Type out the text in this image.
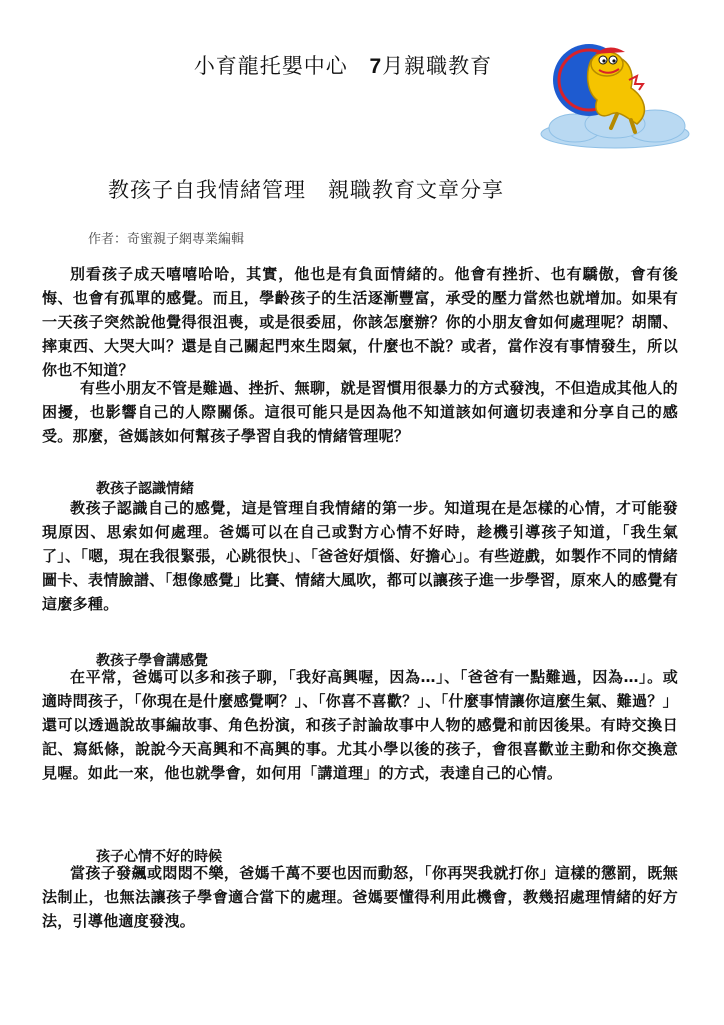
小育龍托嬰中心 7月親職教育
教孩子自我情緒管理　親職教育文章分享
作者：奇蜜親子網專業編輯
別看孩子成天嘻嘻哈哈，其實，他也是有負面情緒的。他會有挫折、也有驕傲，會有後悔、也會有孤單的感覺。而且，學齡孩子的生活逐漸豐富，承受的壓力當然也就增加。如果有一天孩子突然說他覺得很沮喪，或是很委屈，你該怎麼辦？你的小朋友會如何處理呢？胡鬧、摔東西、大哭大叫？還是自己關起門來生悶氣，什麼也不說？或者，當作沒有事情發生，所以你也不知道？
有些小朋友不管是難過、挫折、無聊，就是習慣用很暴力的方式發洩，不但造成其他人的困擾，也影響自己的人際關係。這很可能只是因為他不知道該如何適切表達和分享自己的感受。那麼，爸媽該如何幫孩子學習自我的情緒管理呢？
教孩子認識情緒
教孩子認識自己的感覺，這是管理自我情緒的第一步。知道現在是怎樣的心情，才可能發現原因、思索如何處理。爸媽可以在自己或對方心情不好時，趁機引導孩子知道，「我生氣了」、「嗯，現在我很緊張，心跳很快」、「爸爸好煩惱、好擔心」。有些遊戲，如製作不同的情緒圖卡、表情臉譜、「想像感覺」比賽、情緒大風吹，都可以讓孩子進一步學習，原來人的感覺有這麼多種。
教孩子學會講感覺
在平常，爸媽可以多和孩子聊，「我好高興喔，因為…」、「爸爸有一點難過，因為…」。或適時問孩子，「你現在是什麼感覺啊？」、「你喜不喜歡？」、「什麼事情讓你這麼生氣、難過？」還可以透過說故事編故事、角色扮演，和孩子討論故事中人物的感覺和前因後果。有時交換日記、寫紙條，說說今天高興和不高興的事。尤其小學以後的孩子，會很喜歡並主動和你交換意見喔。如此一來，他也就學會，如何用「講道理」的方式，表達自己的心情。
孩子心情不好的時候
當孩子發飆或悶悶不樂，爸媽千萬不要也因而動怒，「你再哭我就打你」這樣的懲罰，既無法制止，也無法讓孩子學會適合當下的處理。爸媽要懂得利用此機會，教幾招處理情緒的好方法，引導他適度發洩。
